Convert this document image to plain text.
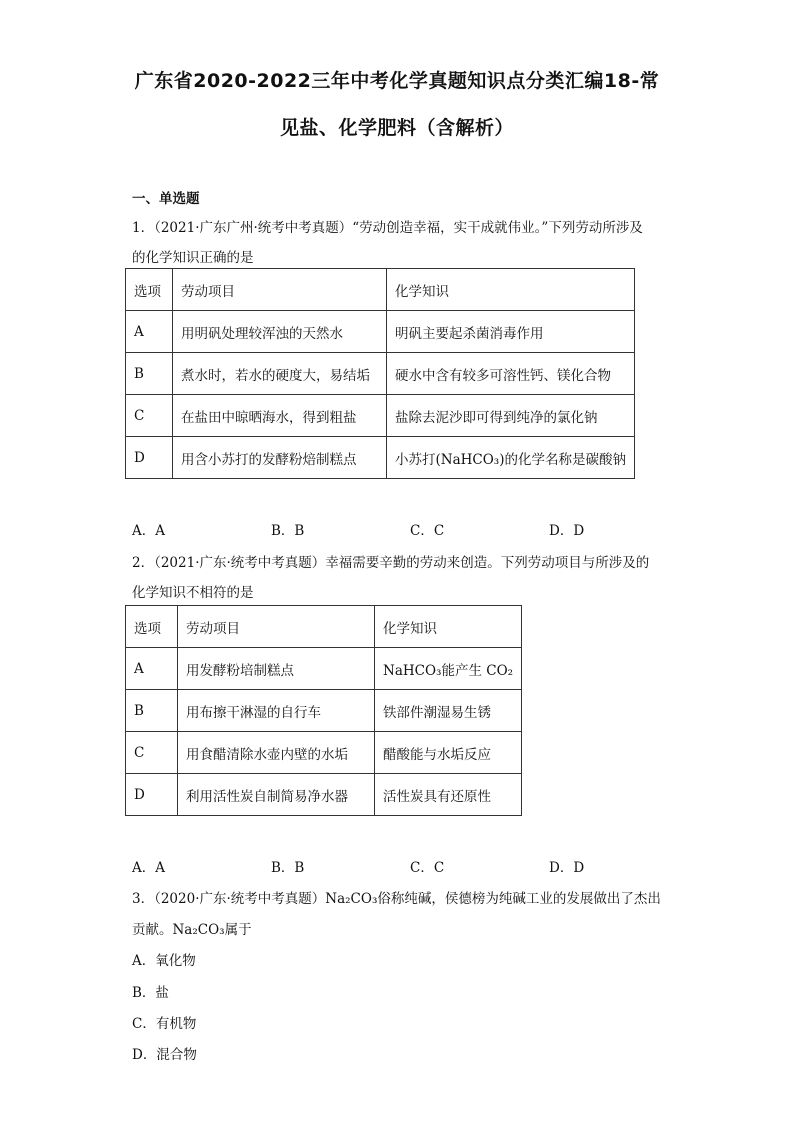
广东省2020-2022三年中考化学真题知识点分类汇编18-常
见盐、化学肥料（含解析）
一、单选题
1．（2021·广东广州·统考中考真题）“劳动创造幸福，实干成就伟业。”下列劳动所涉及
的化学知识正确的是
选项	劳动项目	化学知识
A	用明矾处理较浑浊的天然水	明矾主要起杀菌消毒作用
B	煮水时，若水的硬度大，易结垢	硬水中含有较多可溶性钙、镁化合物
C	在盐田中晾晒海水，得到粗盐	盐除去泥沙即可得到纯净的氯化钠
D	用含小苏打的发酵粉焙制糕点	小苏打(NaHCO₃)的化学名称是碳酸钠
A．A	B．B	C．C	D．D
2．（2021·广东·统考中考真题）幸福需要辛勤的劳动来创造。下列劳动项目与所涉及的
化学知识不相符的是
选项	劳动项目	化学知识
A	用发酵粉培制糕点	NaHCO₃能产生 CO₂
B	用布擦干淋湿的自行车	铁部件潮湿易生锈
C	用食醋清除水壶内壁的水垢	醋酸能与水垢反应
D	利用活性炭自制简易净水器	活性炭具有还原性
A．A	B．B	C．C	D．D
3．（2020·广东·统考中考真题）Na₂CO₃俗称纯碱，侯德榜为纯碱工业的发展做出了杰出
贡献。Na₂CO₃属于
A．氧化物
B．盐
C．有机物
D．混合物
